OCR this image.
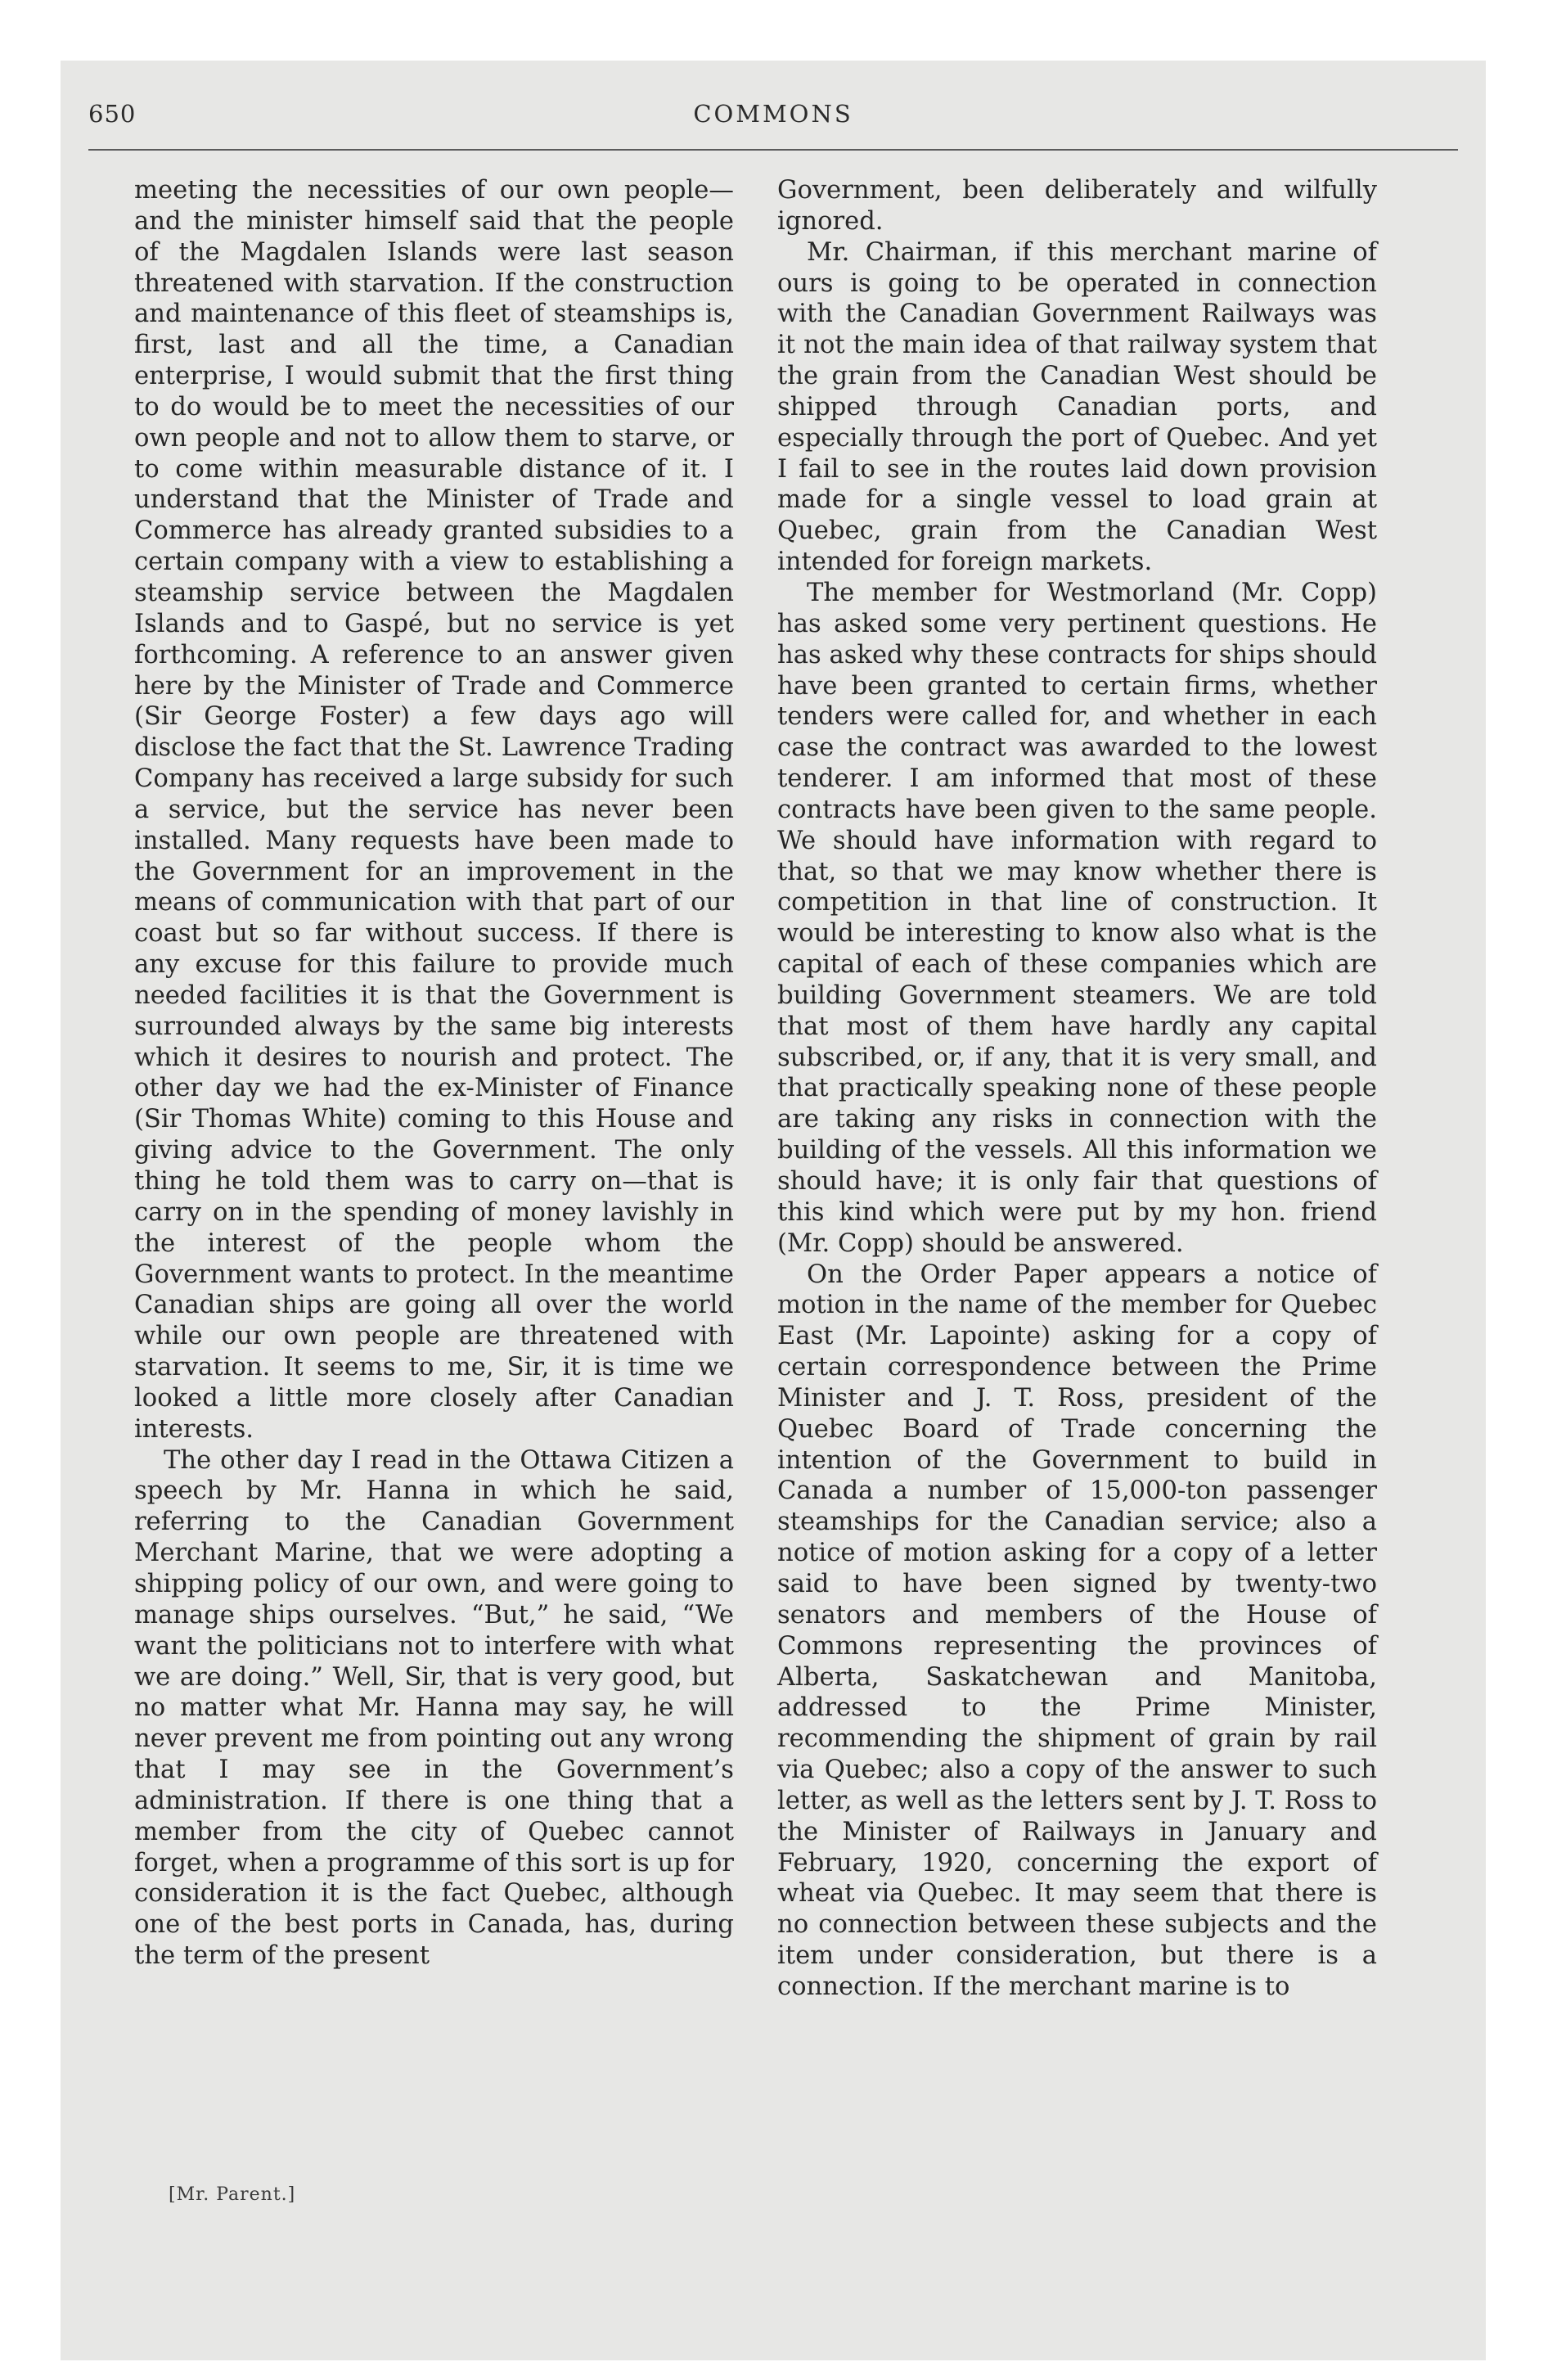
650	COMMONS

meeting the necessities of our own people—and the minister himself said that the people of the Magdalen Islands were last season threatened with starvation. If the construction and maintenance of this fleet of steamships is, first, last and all the time, a Canadian enterprise, I would submit that the first thing to do would be to meet the necessities of our own people and not to allow them to starve, or to come within measurable distance of it. I understand that the Minister of Trade and Commerce has already granted subsidies to a certain company with a view to establishing a steamship service between the Magdalen Islands and to Gaspé, but no service is yet forthcoming. A reference to an answer given here by the Minister of Trade and Commerce (Sir George Foster) a few days ago will disclose the fact that the St. Lawrence Trading Company has received a large subsidy for such a service, but the service has never been installed. Many requests have been made to the Government for an improvement in the means of communication with that part of our coast but so far without success. If there is any excuse for this failure to provide much needed facilities it is that the Government is surrounded always by the same big interests which it desires to nourish and protect. The other day we had the ex-Minister of Finance (Sir Thomas White) coming to this House and giving advice to the Government. The only thing he told them was to carry on—that is carry on in the spending of money lavishly in the interest of the people whom the Government wants to protect. In the meantime Canadian ships are going all over the world while our own people are threatened with starvation. It seems to me, Sir, it is time we looked a little more closely after Canadian interests.

The other day I read in the Ottawa Citizen a speech by Mr. Hanna in which he said, referring to the Canadian Government Merchant Marine, that we were adopting a shipping policy of our own, and were going to manage ships ourselves. “But,” he said, “We want the politicians not to interfere with what we are doing.” Well, Sir, that is very good, but no matter what Mr. Hanna may say, he will never prevent me from pointing out any wrong that I may see in the Government’s administration. If there is one thing that a member from the city of Quebec cannot forget, when a programme of this sort is up for consideration it is the fact Quebec, although one of the best ports in Canada, has, during the term of the present

Government, been deliberately and wilfully ignored.

Mr. Chairman, if this merchant marine of ours is going to be operated in connection with the Canadian Government Railways was it not the main idea of that railway system that the grain from the Canadian West should be shipped through Canadian ports, and especially through the port of Quebec. And yet I fail to see in the routes laid down provision made for a single vessel to load grain at Quebec, grain from the Canadian West intended for foreign markets.

The member for Westmorland (Mr. Copp) has asked some very pertinent questions. He has asked why these contracts for ships should have been granted to certain firms, whether tenders were called for, and whether in each case the contract was awarded to the lowest tenderer. I am informed that most of these contracts have been given to the same people. We should have information with regard to that, so that we may know whether there is competition in that line of construction. It would be interesting to know also what is the capital of each of these companies which are building Government steamers. We are told that most of them have hardly any capital subscribed, or, if any, that it is very small, and that practically speaking none of these people are taking any risks in connection with the building of the vessels. All this information we should have; it is only fair that questions of this kind which were put by my hon. friend (Mr. Copp) should be answered.

On the Order Paper appears a notice of motion in the name of the member for Quebec East (Mr. Lapointe) asking for a copy of certain correspondence between the Prime Minister and J. T. Ross, president of the Quebec Board of Trade concerning the intention of the Government to build in Canada a number of 15,000-ton passenger steamships for the Canadian service; also a notice of motion asking for a copy of a letter said to have been signed by twenty-two senators and members of the House of Commons representing the provinces of Alberta, Saskatchewan and Manitoba, addressed to the Prime Minister, recommending the shipment of grain by rail via Quebec; also a copy of the answer to such letter, as well as the letters sent by J. T. Ross to the Minister of Railways in January and February, 1920, concerning the export of wheat via Quebec. It may seem that there is no connection between these subjects and the item under consideration, but there is a connection. If the merchant marine is to

[Mr. Parent.]
